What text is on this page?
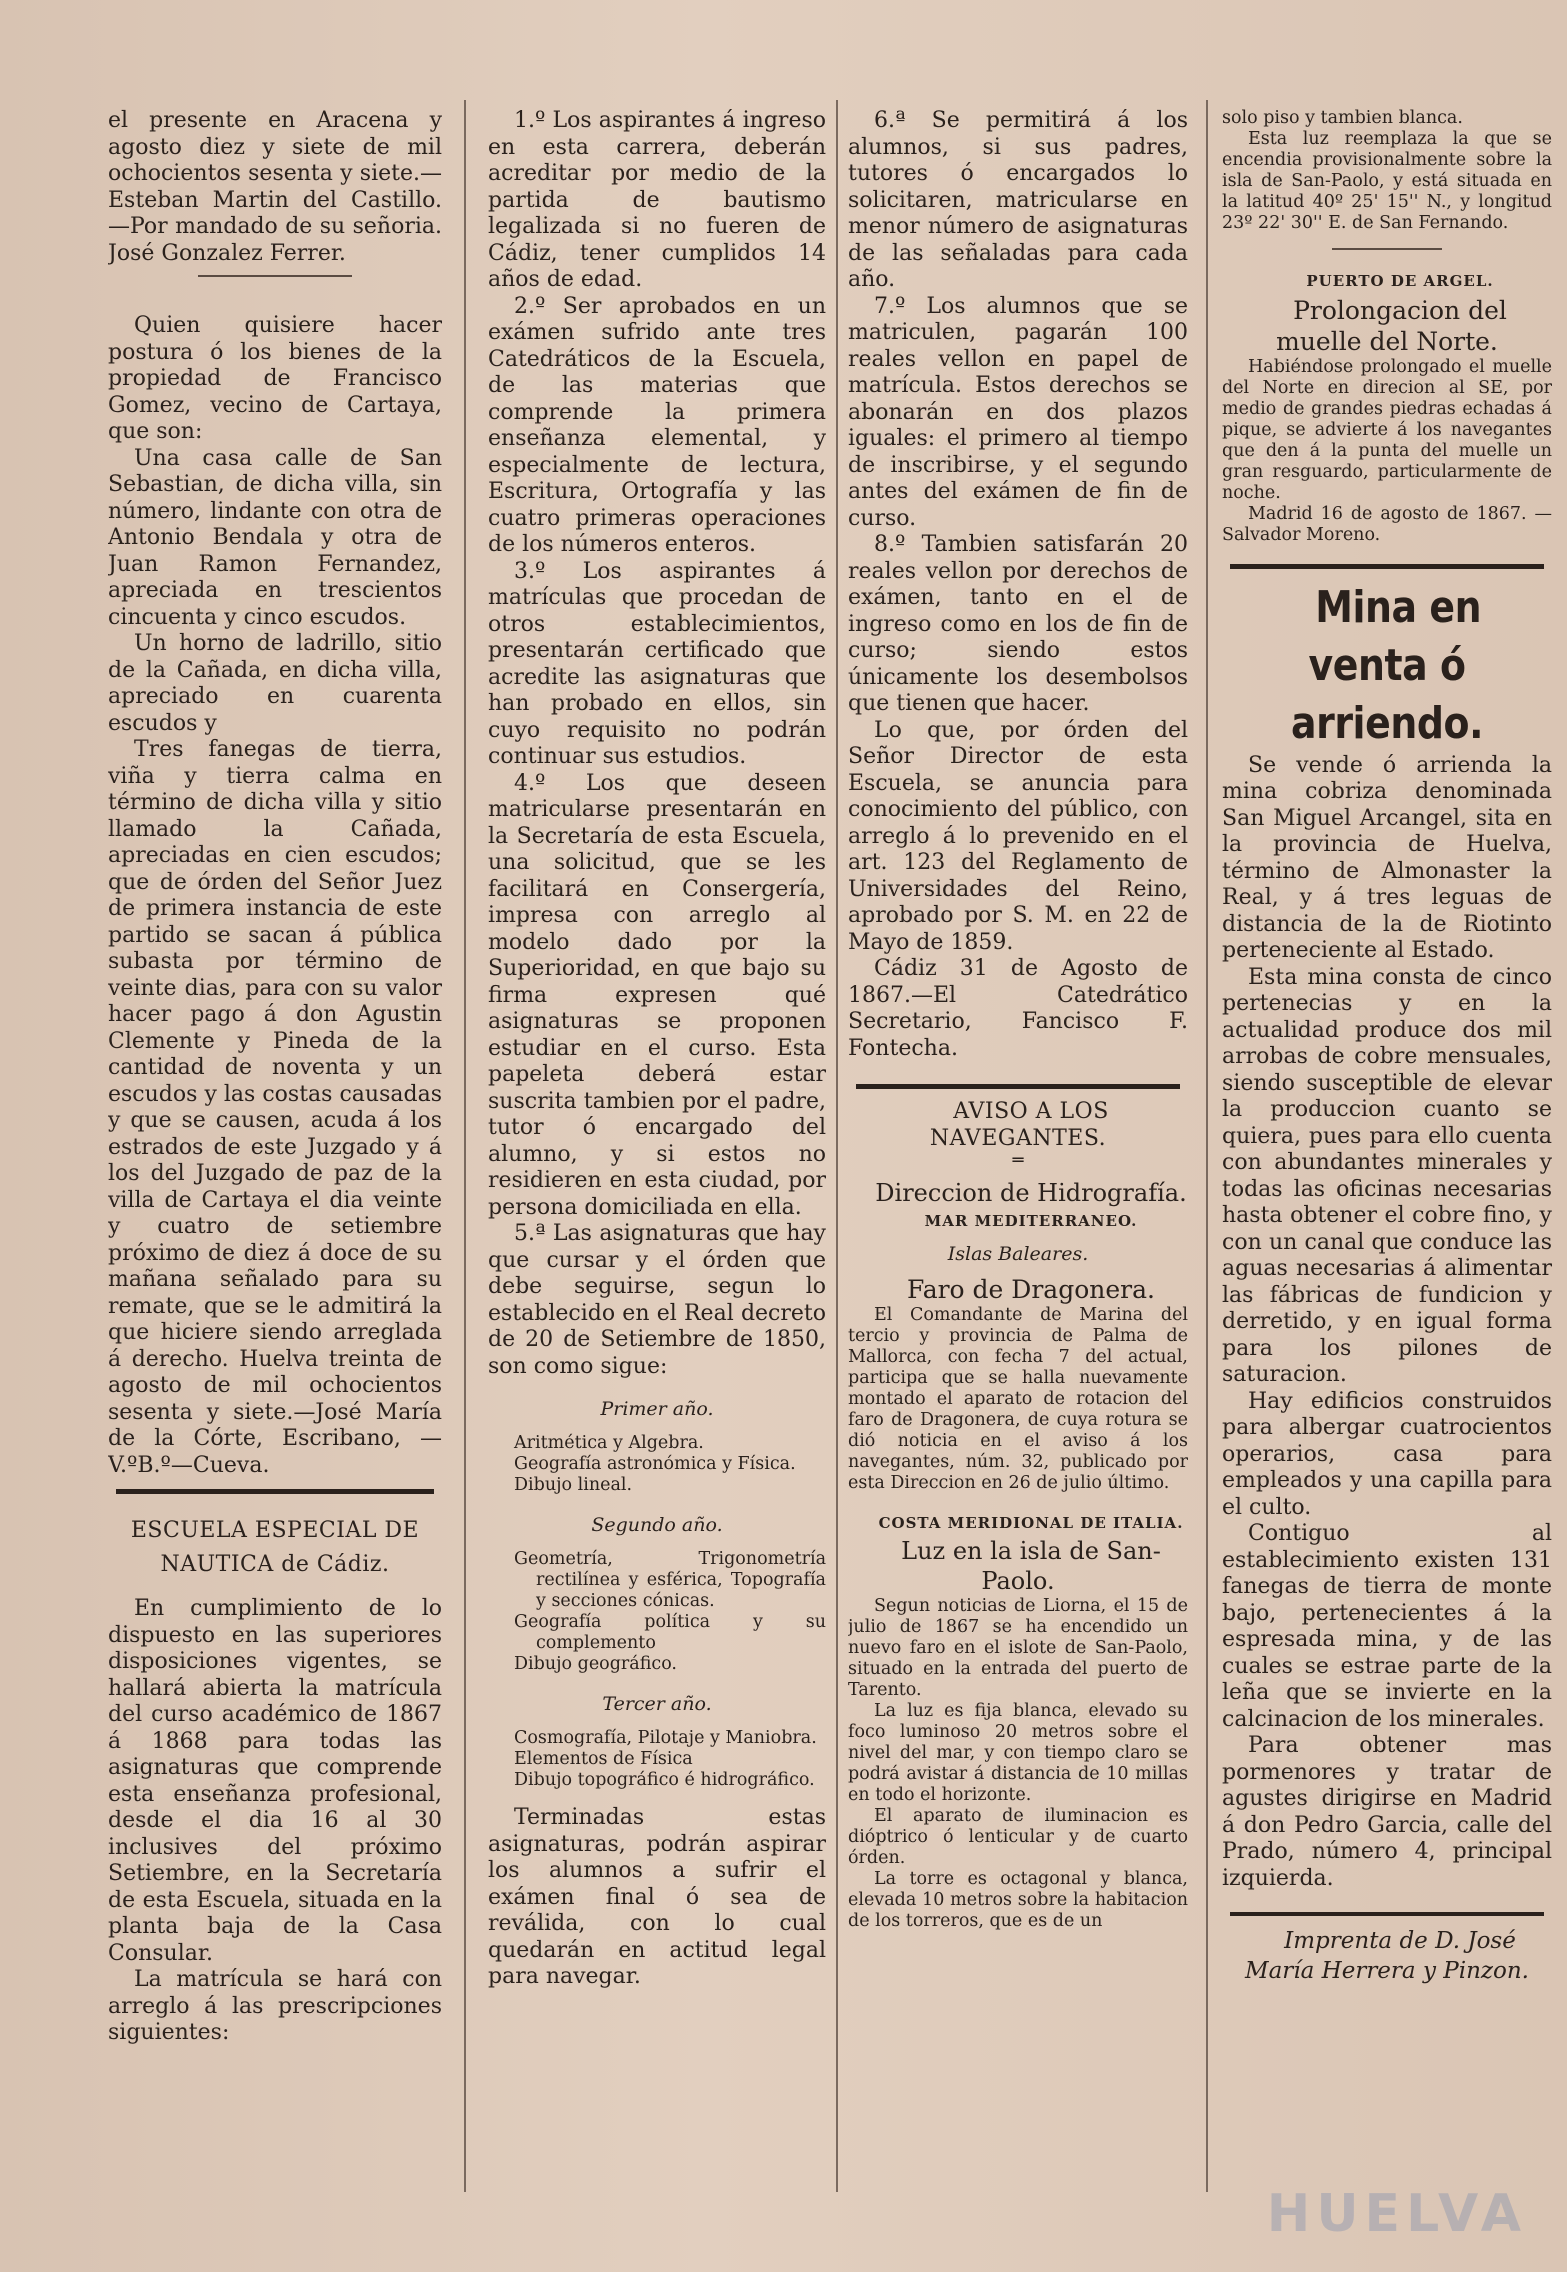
el presente en Aracena y agosto diez y siete de mil ochocientos sesenta y siete.—Esteban Martin del Castillo.—Por mandado de su señoria. José Gonzalez Ferrer.

Quien quisiere hacer postura ó los bienes de la propiedad de Francisco Gomez, vecino de Cartaya, que son:

Una casa calle de San Sebastian, de dicha villa, sin número, lindante con otra de Antonio Bendala y otra de Juan Ramon Fernandez, apreciada en trescientos cincuenta y cinco escudos.

Un horno de ladrillo, sitio de la Cañada, en dicha villa, apreciado en cuarenta escudos y

Tres fanegas de tierra, viña y tierra calma en término de dicha villa y sitio llamado la Cañada, apreciadas en cien escudos; que de órden del Señor Juez de primera instancia de este partido se sacan á pública subasta por término de veinte dias, para con su valor hacer pago á don Agustin Clemente y Pineda de la cantidad de noventa y un escudos y las costas causadas y que se causen, acuda á los estrados de este Juzgado y á los del Juzgado de paz de la villa de Cartaya el dia veinte y cuatro de setiembre próximo de diez á doce de su mañana señalado para su remate, que se le admitirá la que hiciere siendo arreglada á derecho. Huelva treinta de agosto de mil ochocientos sesenta y siete.—José María de la Córte, Escribano, —V.ºB.º—Cueva.

ESCUELA ESPECIAL DE NAUTICA de Cádiz.

En cumplimiento de lo dispuesto en las superiores disposiciones vigentes, se hallará abierta la matrícula del curso académico de 1867 á 1868 para todas las asignaturas que comprende esta enseñanza profesional, desde el dia 16 al 30 inclusives del próximo Setiembre, en la Secretaría de esta Escuela, situada en la planta baja de la Casa Consular.

La matrícula se hará con arreglo á las prescripciones siguientes:

1.º Los aspirantes á ingreso en esta carrera, deberán acreditar por medio de la partida de bautismo legalizada si no fueren de Cádiz, tener cumplidos 14 años de edad.

2.º Ser aprobados en un exámen sufrido ante tres Catedráticos de la Escuela, de las materias que comprende la primera enseñanza elemental, y especialmente de lectura, Escritura, Ortografía y las cuatro primeras operaciones de los números enteros.

3.º Los aspirantes á matrículas que procedan de otros establecimientos, presentarán certificado que acredite las asignaturas que han probado en ellos, sin cuyo requisito no podrán continuar sus estudios.

4.º Los que deseen matricularse presentarán en la Secretaría de esta Escuela, una solicitud, que se les facilitará en Consergería, impresa con arreglo al modelo dado por la Superioridad, en que bajo su firma expresen qué asignaturas se proponen estudiar en el curso. Esta papeleta deberá estar suscrita tambien por el padre, tutor ó encargado del alumno, y si estos no residieren en esta ciudad, por persona domiciliada en ella.

5.ª Las asignaturas que hay que cursar y el órden que debe seguirse, segun lo establecido en el Real decreto de 20 de Setiembre de 1850, son como sigue:

Primer año.

Aritmética y Algebra.

Geografía astronómica y Física.

Dibujo lineal.

Segundo año.

Geometría, Trigonometría rectilínea y esférica, Topografía y secciones cónicas.

Geografía política y su complemento

Dibujo geográfico.

Tercer año.

Cosmografía, Pilotaje y Maniobra.

Elementos de Física

Dibujo topográfico é hidrográfico.

Terminadas estas asignaturas, podrán aspirar los alumnos a sufrir el exámen final ó sea de reválida, con lo cual quedarán en actitud legal para navegar.

6.ª Se permitirá á los alumnos, si sus padres, tutores ó encargados lo solicitaren, matricularse en menor número de asignaturas de las señaladas para cada año.

7.º Los alumnos que se matriculen, pagarán 100 reales vellon en papel de matrícula. Estos derechos se abonarán en dos plazos iguales: el primero al tiempo de inscribirse, y el segundo antes del exámen de fin de curso.

8.º Tambien satisfarán 20 reales vellon por derechos de exámen, tanto en el de ingreso como en los de fin de curso; siendo estos únicamente los desembolsos que tienen que hacer.

Lo que, por órden del Señor Director de esta Escuela, se anuncia para conocimiento del público, con arreglo á lo prevenido en el art. 123 del Reglamento de Universidades del Reino, aprobado por S. M. en 22 de Mayo de 1859.

Cádiz 31 de Agosto de 1867.—El Catedrático Secretario, Fancisco F. Fontecha.

AVISO A LOS NAVEGANTES.

═

Direccion de Hidrografía.

MAR MEDITERRANEO.

Islas Baleares.

Faro de Dragonera.

El Comandante de Marina del tercio y provincia de Palma de Mallorca, con fecha 7 del actual, participa que se halla nuevamente montado el aparato de rotacion del faro de Dragonera, de cuya rotura se dió noticia en el aviso á los navegantes, núm. 32, publicado por esta Direccion en 26 de julio último.

COSTA MERIDIONAL DE ITALIA.

Luz en la isla de San-Paolo.

Segun noticias de Liorna, el 15 de julio de 1867 se ha encendido un nuevo faro en el islote de San-Paolo, situado en la entrada del puerto de Tarento.

La luz es fija blanca, elevado su foco luminoso 20 metros sobre el nivel del mar, y con tiempo claro se podrá avistar á distancia de 10 millas en todo el horizonte.

El aparato de iluminacion es dióptrico ó lenticular y de cuarto órden.

La torre es octagonal y blanca, elevada 10 metros sobre la habitacion de los torreros, que es de un

solo piso y tambien blanca.

Esta luz reemplaza la que se encendia provisionalmente sobre la isla de San-Paolo, y está situada en la latitud 40º 25' 15'' N., y longitud 23º 22' 30'' E. de San Fernando.

PUERTO DE ARGEL.

Prolongacion del muelle del Norte.

Habiéndose prolongado el muelle del Norte en direcion al SE, por medio de grandes piedras echadas á pique, se advierte á los navegantes que den á la punta del muelle un gran resguardo, particularmente de noche.

Madrid 16 de agosto de 1867. —Salvador Moreno.

Mina en venta ó arriendo.

Se vende ó arrienda la mina cobriza denominada San Miguel Arcangel, sita en la provincia de Huelva, término de Almonaster la Real, y á tres leguas de distancia de la de Riotinto perteneciente al Estado.

Esta mina consta de cinco pertenecias y en la actualidad produce dos mil arrobas de cobre mensuales, siendo susceptible de elevar la produccion cuanto se quiera, pues para ello cuenta con abundantes minerales y todas las oficinas necesarias hasta obtener el cobre fino, y con un canal que conduce las aguas necesarias á alimentar las fábricas de fundicion y derretido, y en igual forma para los pilones de saturacion.

Hay edificios construidos para albergar cuatrocientos operarios, casa para empleados y una capilla para el culto.

Contiguo al establecimiento existen 131 fanegas de tierra de monte bajo, pertenecientes á la espresada mina, y de las cuales se estrae parte de la leña que se invierte en la calcinacion de los minerales.

Para obtener mas pormenores y tratar de agustes dirigirse en Madrid á don Pedro Garcia, calle del Prado, número 4, principal izquierda.

Imprenta de D. José María Herrera y Pinzon.

HUELVA
